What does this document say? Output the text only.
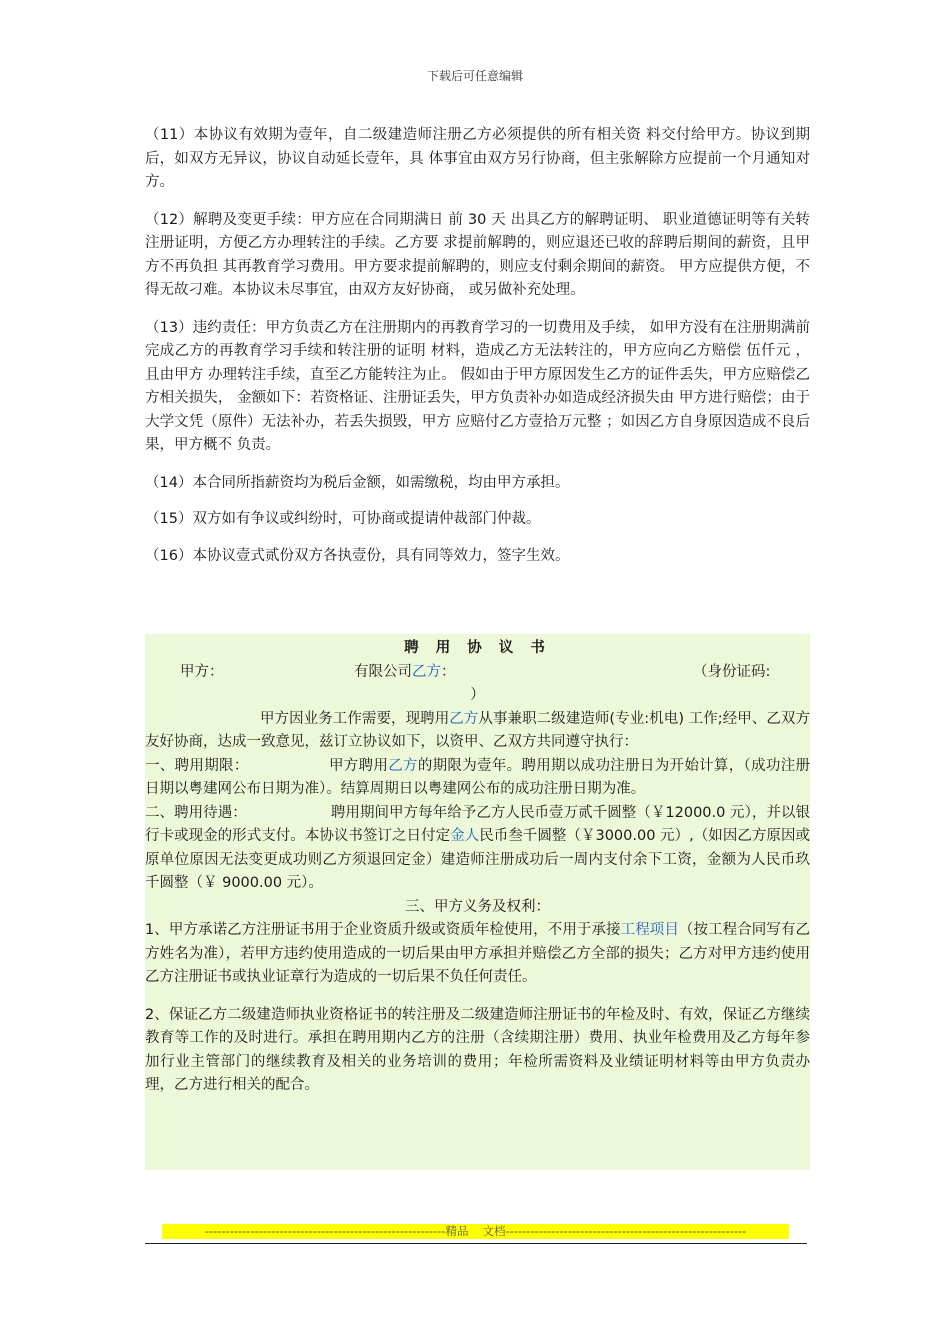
下载后可任意编辑

（11）本协议有效期为壹年，自二级建造师注册乙方必须提供的所有相关资 料交付给甲方。协议到期后，如双方无异议，协议自动延长壹年，具 体事宜由双方另行协商，但主张解除方应提前一个月通知对方。

（12）解聘及变更手续：甲方应在合同期满日 前 30 天 出具乙方的解聘证明、 职业道德证明等有关转注册证明，方便乙方办理转注的手续。乙方要 求提前解聘的，则应退还已收的辞聘后期间的薪资，且甲方不再负担 其再教育学习费用。甲方要求提前解聘的，则应支付剩余期间的薪资。 甲方应提供方便，不得无故刁难。本协议未尽事宜，由双方友好协商， 或另做补充处理。

（13）违约责任：甲方负责乙方在注册期内的再教育学习的一切费用及手续， 如甲方没有在注册期满前完成乙方的再教育学习手续和转注册的证明 材料，造成乙方无法转注的，甲方应向乙方赔偿 伍仟元 ，且由甲方 办理转注手续，直至乙方能转注为止。 假如由于甲方原因发生乙方的证件丢失，甲方应赔偿乙方相关损失， 金额如下：若资格证、注册证丢失，甲方负责补办如造成经济损失由 甲方进行赔偿；由于大学文凭（原件）无法补办，若丢失损毁，甲方 应赔付乙方壹拾万元整 ；如因乙方自身原因造成不良后果，甲方概不 负责。

（14）本合同所指薪资均为税后金额，如需缴税，均由甲方承担。

（15）双方如有争议或纠纷时，可协商或提请仲裁部门仲裁。

（16）本协议壹式贰份双方各执壹份，具有同等效力，签字生效。

聘 用 协 议 书
甲方：	有限公司乙方：	（身份证码:
）
甲方因业务工作需要，现聘用乙方从事兼职二级建造师(专业:机电) 工作;经甲、乙双方友好协商，达成一致意见，兹订立协议如下，以资甲、乙双方共同遵守执行：
一、聘用期限：	甲方聘用乙方的期限为壹年。聘用期以成功注册日为开始计算，（成功注册日期以粤建网公布日期为准）。结算周期日以粤建网公布的成功注册日期为准。
二、聘用待遇：	聘用期间甲方每年给予乙方人民币壹万贰千圆整（￥12000.0 元），并以银行卡或现金的形式支付。本协议书签订之日付定金人民币叁千圆整（￥3000.00 元）,（如因乙方原因或原单位原因无法变更成功则乙方须退回定金）建造师注册成功后一周内支付余下工资，金额为人民币玖千圆整（￥ 9000.00 元）。
三、甲方义务及权利：
1、甲方承诺乙方注册证书用于企业资质升级或资质年检使用，不用于承接工程项目（按工程合同写有乙方姓名为准），若甲方违约使用造成的一切后果由甲方承担并赔偿乙方全部的损失；乙方对甲方违约使用乙方注册证书或执业证章行为造成的一切后果不负任何责任。
2、保证乙方二级建造师执业资格证书的转注册及二级建造师注册证书的年检及时、有效，保证乙方继续教育等工作的及时进行。承担在聘用期内乙方的注册（含续期注册）费用、执业年检费用及乙方每年参加行业主管部门的继续教育及相关的业务培训的费用；年检所需资料及业绩证明材料等由甲方负责办理，乙方进行相关的配合。
----------------------------------------------------------精品 文档----------------------------------------------------------
